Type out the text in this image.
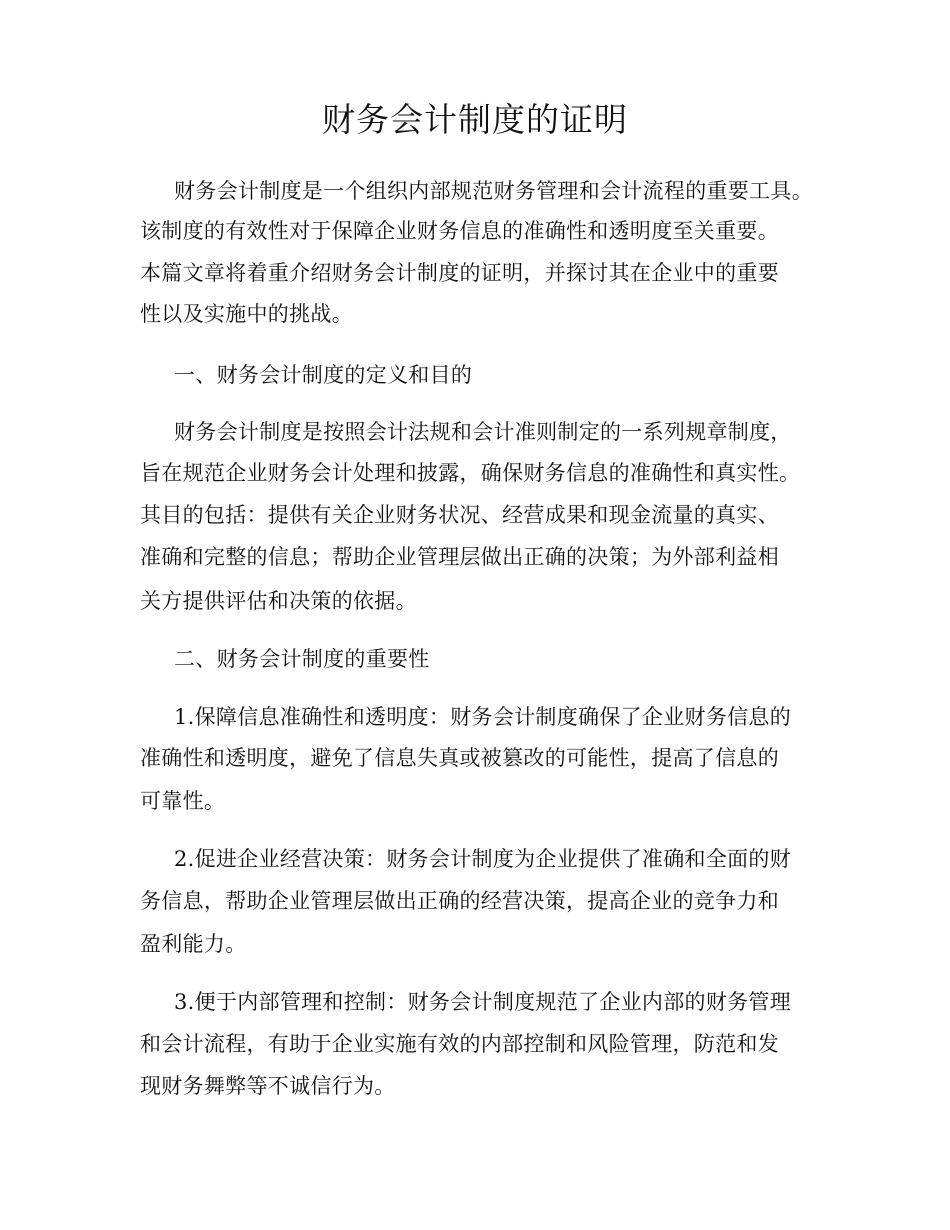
财务会计制度的证明
财务会计制度是一个组织内部规范财务管理和会计流程的重要工具。
该制度的有效性对于保障企业财务信息的准确性和透明度至关重要。
本篇文章将着重介绍财务会计制度的证明，并探讨其在企业中的重要
性以及实施中的挑战。
一、财务会计制度的定义和目的
财务会计制度是按照会计法规和会计准则制定的一系列规章制度，
旨在规范企业财务会计处理和披露，确保财务信息的准确性和真实性。
其目的包括：提供有关企业财务状况、经营成果和现金流量的真实、
准确和完整的信息；帮助企业管理层做出正确的决策；为外部利益相
关方提供评估和决策的依据。
二、财务会计制度的重要性
1.保障信息准确性和透明度：财务会计制度确保了企业财务信息的
准确性和透明度，避免了信息失真或被篡改的可能性，提高了信息的
可靠性。
2.促进企业经营决策：财务会计制度为企业提供了准确和全面的财
务信息，帮助企业管理层做出正确的经营决策，提高企业的竞争力和
盈利能力。
3.便于内部管理和控制：财务会计制度规范了企业内部的财务管理
和会计流程，有助于企业实施有效的内部控制和风险管理，防范和发
现财务舞弊等不诚信行为。
